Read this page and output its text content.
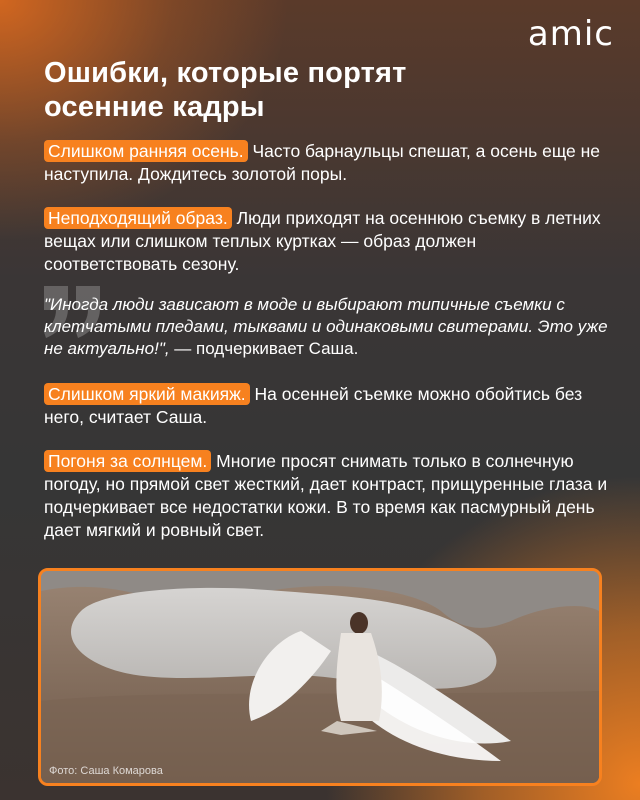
amic
Ошибки, которые портят
осенние кадры

Слишком ранняя осень. Часто барнаульцы спешат, а осень еще не наступила. Дождитесь золотой поры.

Неподходящий образ. Люди приходят на осеннюю съемку в летних вещах или слишком теплых куртках — образ должен соответствовать сезону.

"Иногда люди зависают в моде и выбирают типичные съемки с клетчатыми пледами, тыквами и одинаковыми свитерами. Это уже не актуально!", — подчеркивает Саша.

Слишком яркий макияж. На осенней съемке можно обойтись без него, считает Саша.

Погоня за солнцем. Многие просят снимать только в солнечную погоду, но прямой свет жесткий, дает контраст, прищуренные глаза и подчеркивает все недостатки кожи. В то время как пасмурный день дает мягкий и ровный свет.

Фото: Саша Комарова
